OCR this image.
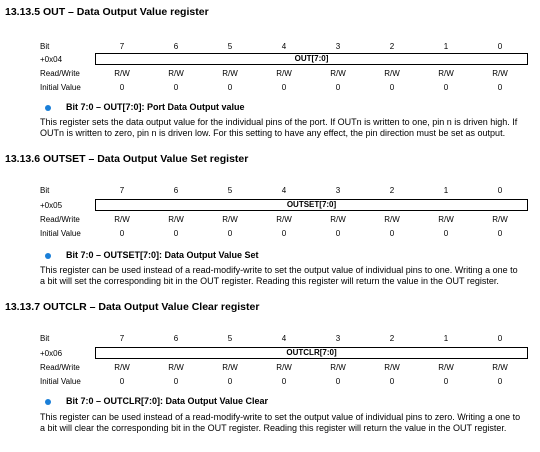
13.13.5 OUT – Data Output Value register
Bit	7	6	5	4	3	2	1	0
+0x04	OUT[7:0]
Read/Write	R/W	R/W	R/W	R/W	R/W	R/W	R/W	R/W
Initial Value	0	0	0	0	0	0	0	0
Bit 7:0 – OUT[7:0]: Port Data Output value
This register sets the data output value for the individual pins of the port. If OUTn is written to one, pin n is driven high. If
OUTn is written to zero, pin n is driven low. For this setting to have any effect, the pin direction must be set as output.
13.13.6 OUTSET – Data Output Value Set register
Bit	7	6	5	4	3	2	1	0
+0x05	OUTSET[7:0]
Read/Write	R/W	R/W	R/W	R/W	R/W	R/W	R/W	R/W
Initial Value	0	0	0	0	0	0	0	0
Bit 7:0 – OUTSET[7:0]: Data Output Value Set
This register can be used instead of a read-modify-write to set the output value of individual pins to one. Writing a one to
a bit will set the corresponding bit in the OUT register. Reading this register will return the value in the OUT register.
13.13.7 OUTCLR – Data Output Value Clear register
Bit	7	6	5	4	3	2	1	0
+0x06	OUTCLR[7:0]
Read/Write	R/W	R/W	R/W	R/W	R/W	R/W	R/W	R/W
Initial Value	0	0	0	0	0	0	0	0
Bit 7:0 – OUTCLR[7:0]: Data Output Value Clear
This register can be used instead of a read-modify-write to set the output value of individual pins to zero. Writing a one to
a bit will clear the corresponding bit in the OUT register. Reading this register will return the value in the OUT register.
